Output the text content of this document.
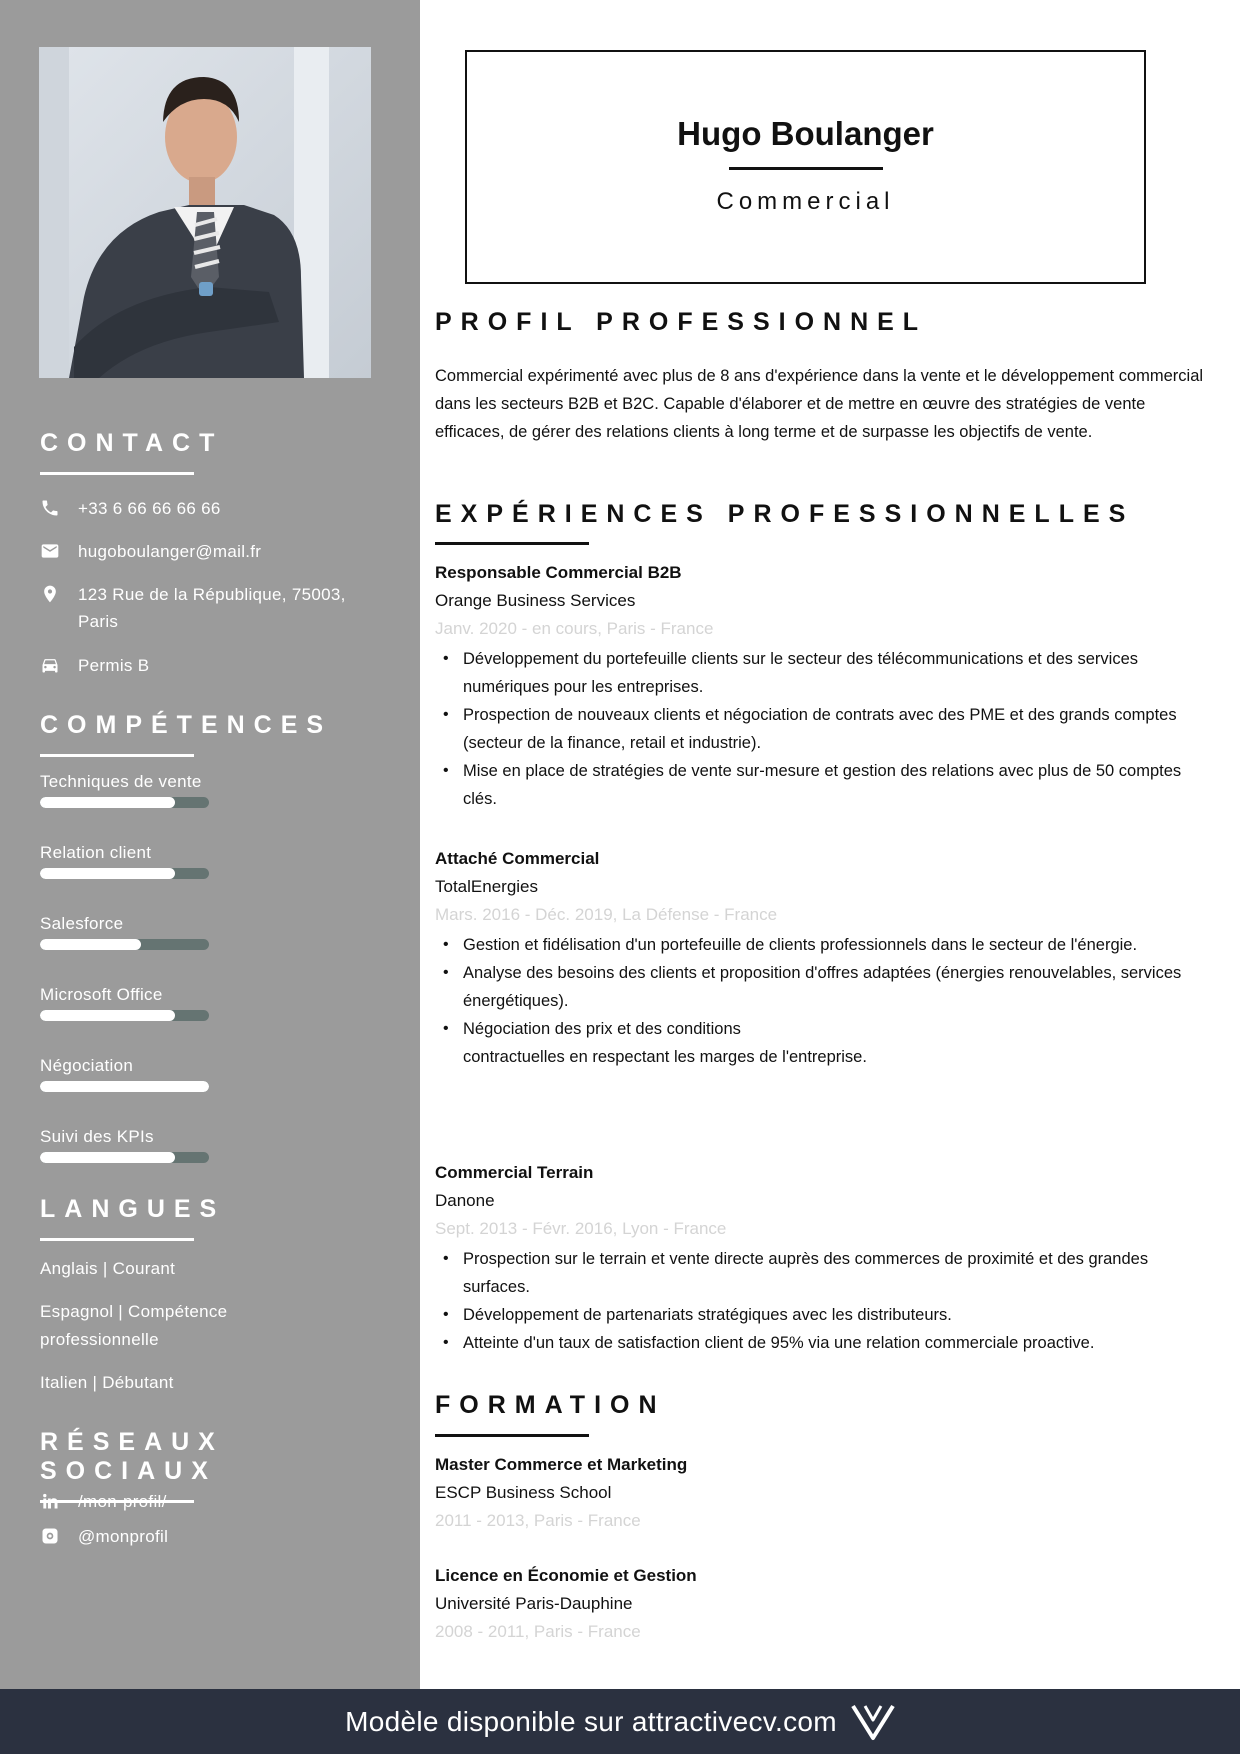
CONTACT
+33 6 66 66 66 66
hugoboulanger@mail.fr
123 Rue de la République, 75003, Paris
Permis B
COMPÉTENCES
Techniques de vente
Relation client
Salesforce
Microsoft Office
Négociation
Suivi des KPIs
LANGUES
Anglais | Courant
Espagnol | Compétence professionnelle
Italien | Débutant
RÉSEAUX SOCIAUX
/mon-profil/
@monprofil
Hugo Boulanger
Commercial
PROFIL PROFESSIONNEL
Commercial expérimenté avec plus de 8 ans d'expérience dans la vente et le développement commercial dans les secteurs B2B et B2C. Capable d'élaborer et de mettre en œuvre des stratégies de vente efficaces, de gérer des relations clients à long terme et de surpasse les objectifs de vente.
EXPÉRIENCES PROFESSIONNELLES
Responsable Commercial B2B
Orange Business Services
Janv. 2020 - en cours, Paris - France
• Développement du portefeuille clients sur le secteur des télécommunications et des services numériques pour les entreprises.
• Prospection de nouveaux clients et négociation de contrats avec des PME et des grands comptes (secteur de la finance, retail et industrie).
• Mise en place de stratégies de vente sur-mesure et gestion des relations avec plus de 50 comptes clés.
Attaché Commercial
TotalEnergies
Mars. 2016 - Déc. 2019, La Défense - France
• Gestion et fidélisation d'un portefeuille de clients professionnels dans le secteur de l'énergie.
• Analyse des besoins des clients et proposition d'offres adaptées (énergies renouvelables, services
énergétiques).
• Négociation des prix et des conditions
contractuelles en respectant les marges de l'entreprise.
Commercial Terrain
Danone
Sept. 2013 - Févr. 2016, Lyon - France
• Prospection sur le terrain et vente directe auprès des commerces de proximité et des grandes surfaces.
• Développement de partenariats stratégiques avec les distributeurs.
• Atteinte d'un taux de satisfaction client de 95% via une relation commerciale proactive.
FORMATION
Master Commerce et Marketing
ESCP Business School
2011 - 2013, Paris - France
Licence en Économie et Gestion
Université Paris-Dauphine
2008 - 2011, Paris - France
Modèle disponible sur attractivecv.com
